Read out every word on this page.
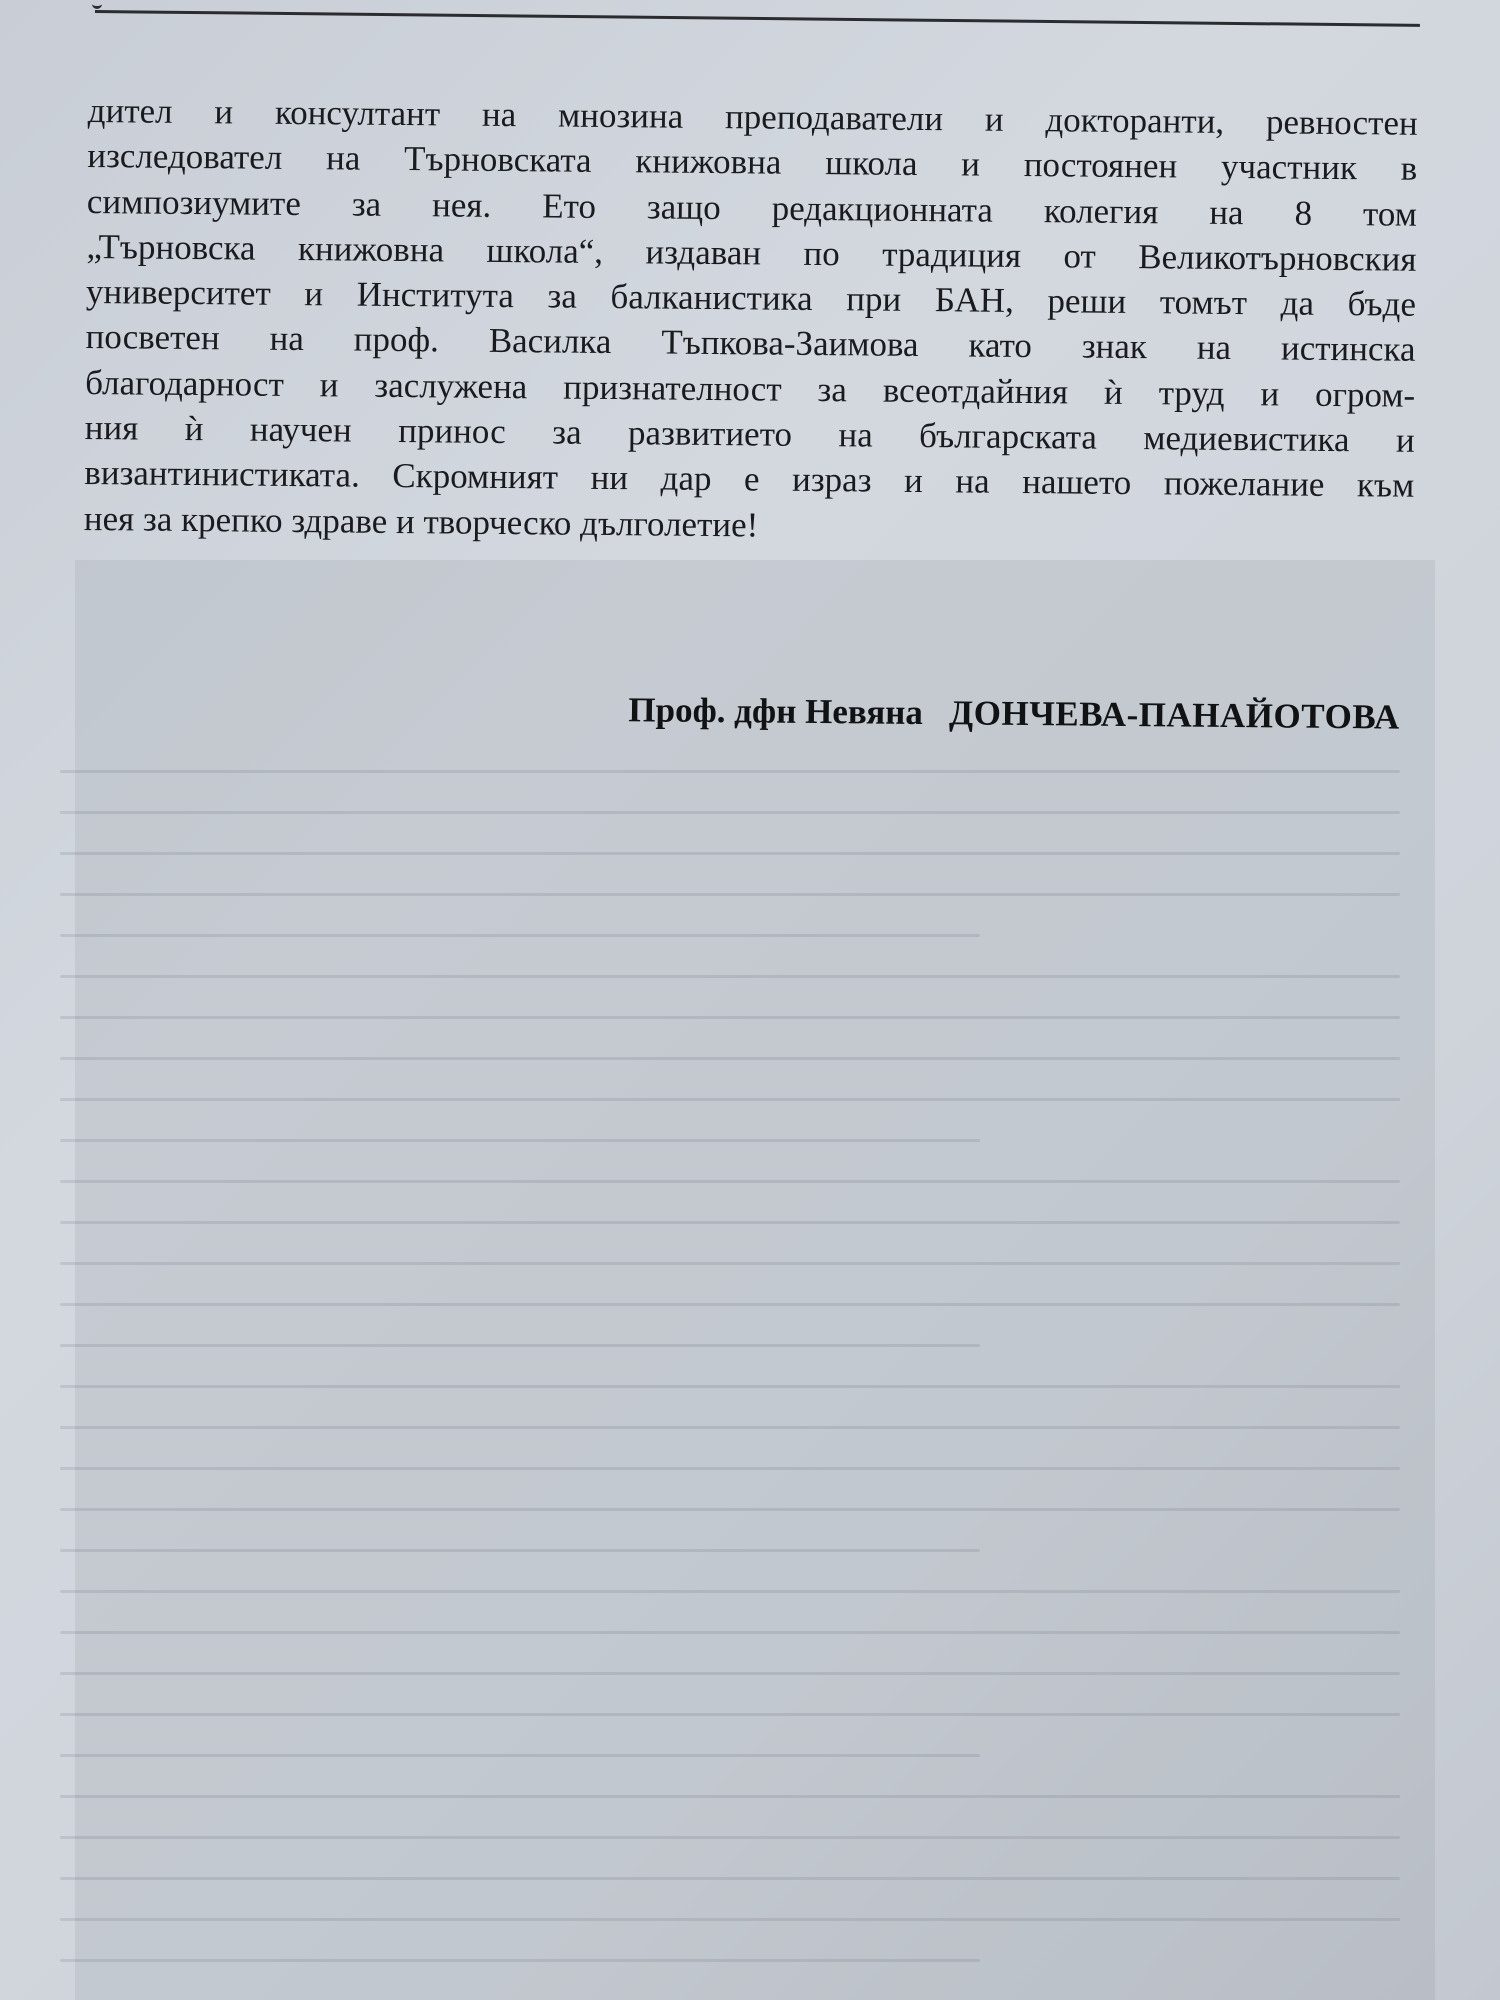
дител и консултант на мнозина преподаватели и докторанти, ревностен
изследовател на Търновската книжовна школа и постоянен участник в
симпозиумите за нея. Ето защо редакционната колегия на 8 том
„Търновска книжовна школа“, издаван по традиция от Великотърновския
университет и Института за балканистика при БАН, реши томът да бъде
посветен на проф. Василка Тъпкова-Заимова като знак на истинска
благодарност и заслужена признателност за всеотдайния ѝ труд и огром-
ния ѝ научен принос за развитието на българската медиевистика и
византинистиката. Скромният ни дар е израз и на нашето пожелание към
нея за крепко здраве и творческо дълголетие!

Проф. дфн Невяна ДОНЧЕВА-ПАНАЙОТОВА
